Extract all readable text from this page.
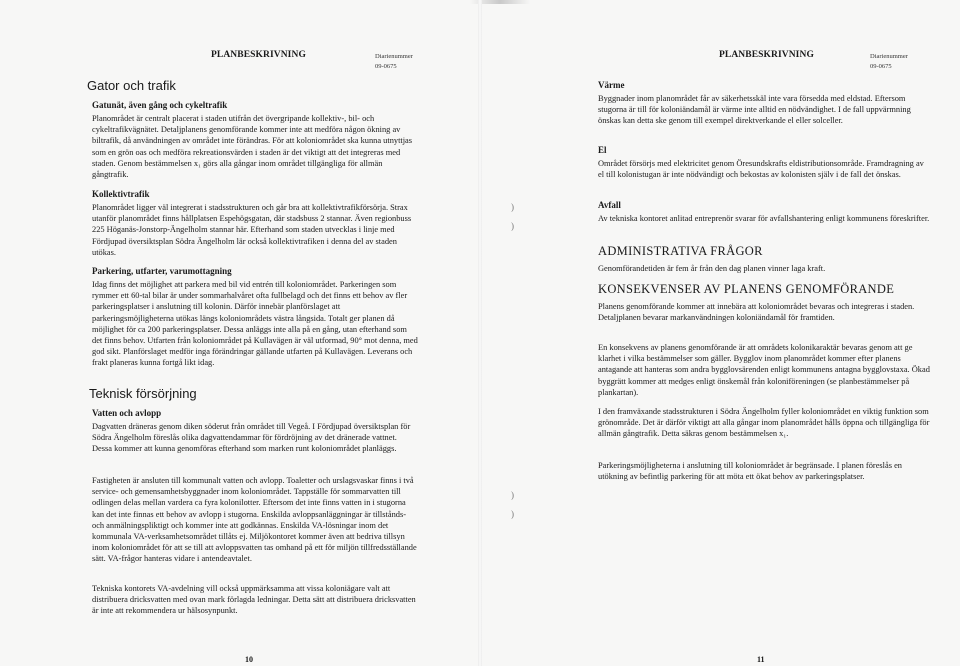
PLANBESKRIVNING	Diarienummer
09-0675
Gator och trafik
Gatunät, även gång och cykeltrafik

Planområdet är centralt placerat i staden utifrån det övergripande kollektiv-, bil- och cykeltrafikvägnätet. Detaljplanens genomförande kommer inte att medföra någon ökning av biltrafik, då användningen av området inte förändras. För att koloniområdet ska kunna utnyttjas som en grön oas och medföra rekreationsvärden i staden är det viktigt att det integreras med staden. Genom bestämmelsen x₁ görs alla gångar inom området tillgängliga för allmän gångtrafik.

Kollektivtrafik

Planområdet ligger väl integrerat i stadsstrukturen och går bra att kollektivtrafikförsörja. Strax utanför planområdet finns hållplatsen Espehögsgatan, där stadsbuss 2 stannar. Även regionbuss 225 Höganäs-Jonstorp-Ängelholm stannar här. Efterhand som staden utvecklas i linje med Fördjupad översiktsplan Södra Ängelholm lär också kollektivtrafiken i denna del av staden utökas.

Parkering, utfarter, varumottagning

Idag finns det möjlighet att parkera med bil vid entrén till koloniområdet. Parkeringen som rymmer ett 60-tal bilar är under sommarhalvåret ofta fullbelagd och det finns ett behov av fler parkeringsplatser i anslutning till kolonin. Därför innebär planförslaget att parkeringsmöjligheterna utökas längs koloniområdets västra långsida. Totalt ger planen då möjlighet för ca 200 parkeringsplatser. Dessa anläggs inte alla på en gång, utan efterhand som det finns behov. Utfarten från koloniområdet på Kullavägen är väl utformad, 90° mot denna, med god sikt. Planförslaget medför inga förändringar gällande utfarten på Kullavägen. Leverans och frakt planeras kunna fortgå likt idag.

Teknisk försörjning
Vatten och avlopp

Dagvatten dräneras genom diken söderut från området till Vegeå. I Fördjupad översiktsplan för Södra Ängelholm föreslås olika dagvattendammar för fördröjning av det dränerade vattnet. Dessa kommer att kunna genomföras efterhand som marken runt koloniområdet planläggs.

Fastigheten är ansluten till kommunalt vatten och avlopp. Toaletter och urslagsvaskar finns i två service- och gemensamhetsbyggnader inom koloniområdet. Tappställe för sommarvatten till odlingen delas mellan vardera ca fyra kolonilotter. Eftersom det inte finns vatten in i stugorna kan det inte finnas ett behov av avlopp i stugorna. Enskilda avloppsanläggningar är tillstånds- och anmälningspliktigt och kommer inte att godkännas. Enskilda VA-lösningar inom det kommunala VA-verksamhetsområdet tillåts ej. Miljökontoret kommer även att bedriva tillsyn inom koloniområdet för att se till att avloppsvatten tas omhand på ett för miljön tillfredsställande sätt. VA-frågor hanteras vidare i antendeavtalet.

Tekniska kontorets VA-avdelning vill också uppmärksamma att vissa koloniägare valt att distribuera dricksvatten med ovan mark förlagda ledningar. Detta sätt att distribuera dricksvatten är inte att rekommendera ur hälsosynpunkt.

10
)
)
)
)
PLANBESKRIVNING	Diarienummer
09-0675
Värme

Byggnader inom planområdet får av säkerhetsskäl inte vara försedda med eldstad. Eftersom stugorna är till för koloniändamål är värme inte alltid en nödvändighet. I de fall uppvärmning önskas kan detta ske genom till exempel direktverkande el eller solceller.

El

Området försörjs med elektricitet genom Öresundskrafts eldistributionsområde. Framdragning av el till kolonistugan är inte nödvändigt och bekostas av kolonisten själv i de fall det önskas.

Avfall

Av tekniska kontoret anlitad entreprenör svarar för avfallshantering enligt kommunens föreskrifter.

ADMINISTRATIVA FRÅGOR

Genomförandetiden är fem år från den dag planen vinner laga kraft.

KONSEKVENSER AV PLANENS GENOMFÖRANDE

Planens genomförande kommer att innebära att koloniområdet bevaras och integreras i staden. Detaljplanen bevarar markanvändningen koloniändamål för framtiden.

En konsekvens av planens genomförande är att områdets kolonikaraktär bevaras genom att ge klarhet i vilka bestämmelser som gäller. Bygglov inom planområdet kommer efter planens antagande att hanteras som andra bygglovsärenden enligt kommunens antagna bygglovstaxa. Ökad byggrätt kommer att medges enligt önskemål från koloniföreningen (se planbestämmelser på plankartan).

I den framväxande stadsstrukturen i Södra Ängelholm fyller koloniområdet en viktig funktion som grönområde. Det är därför viktigt att alla gångar inom planområdet hålls öppna och tillgängliga för allmän gångtrafik. Detta säkras genom bestämmelsen x₁.

Parkeringsmöjligheterna i anslutning till koloniområdet är begränsade. I planen föreslås en utökning av befintlig parkering för att möta ett ökat behov av parkeringsplatser.

11
